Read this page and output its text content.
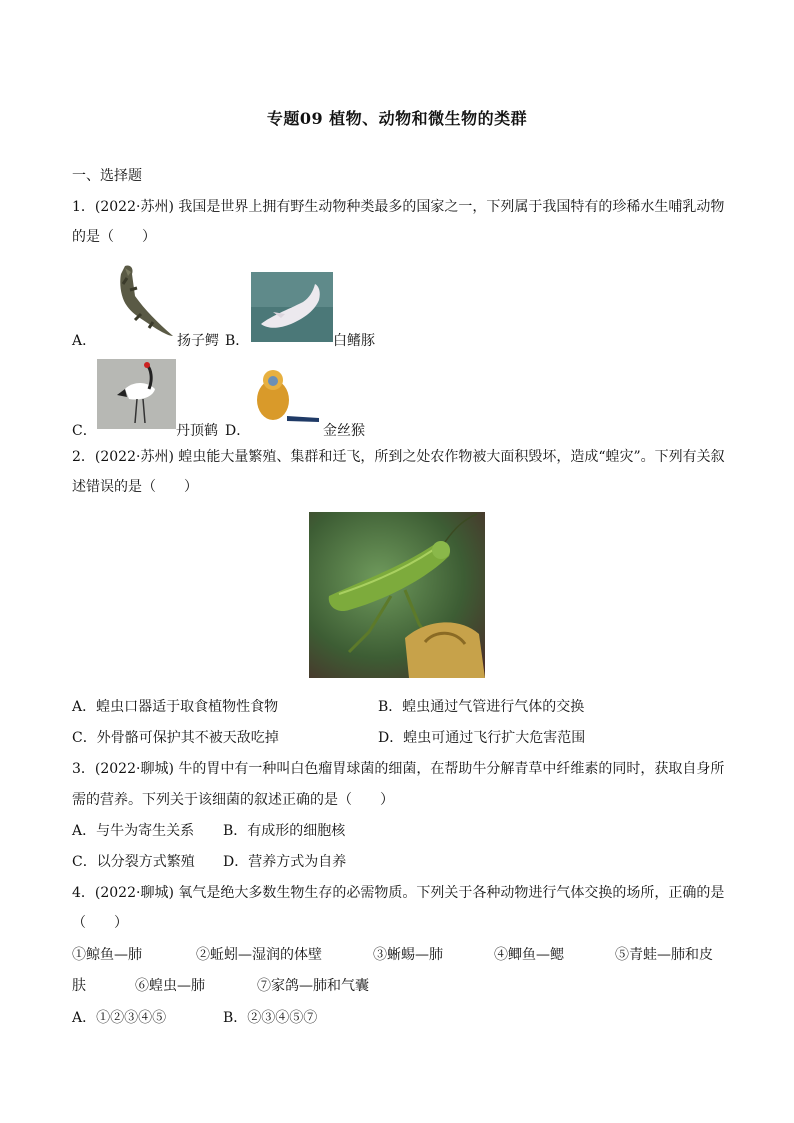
专题09 植物、动物和微生物的类群
一、选择题
1．(2022·苏州) 我国是世界上拥有野生动物种类最多的国家之一，下列属于我国特有的珍稀水生哺乳动物
的是（　　）
A．	扬子鳄 B．	白鳍豚
C．	丹顶鹤 D．	金丝猴
2．(2022·苏州) 蝗虫能大量繁殖、集群和迁飞，所到之处农作物被大面积毁坏，造成“蝗灾”。下列有关叙
述错误的是（　　）
A．蝗虫口器适于取食植物性食物	B．蝗虫通过气管进行气体的交换
C．外骨骼可保护其不被天敌吃掉	D．蝗虫可通过飞行扩大危害范围
3．(2022·聊城) 牛的胃中有一种叫白色瘤胃球菌的细菌，在帮助牛分解青草中纤维素的同时，获取自身所
需的营养。下列关于该细菌的叙述正确的是（　　）
A．与牛为寄生关系 B．有成形的细胞核
C．以分裂方式繁殖 D．营养方式为自养
4．(2022·聊城) 氧气是绝大多数生物生存的必需物质。下列关于各种动物进行气体交换的场所，正确的是
（　　）
①鲸鱼—肺	②蚯蚓—湿润的体壁	③蜥蜴—肺	④鲫鱼—鳃	⑤青蛙—肺和皮
肤	⑥蝗虫—肺	⑦家鸽—肺和气囊
A．①②③④⑤	B．②③④⑤⑦
